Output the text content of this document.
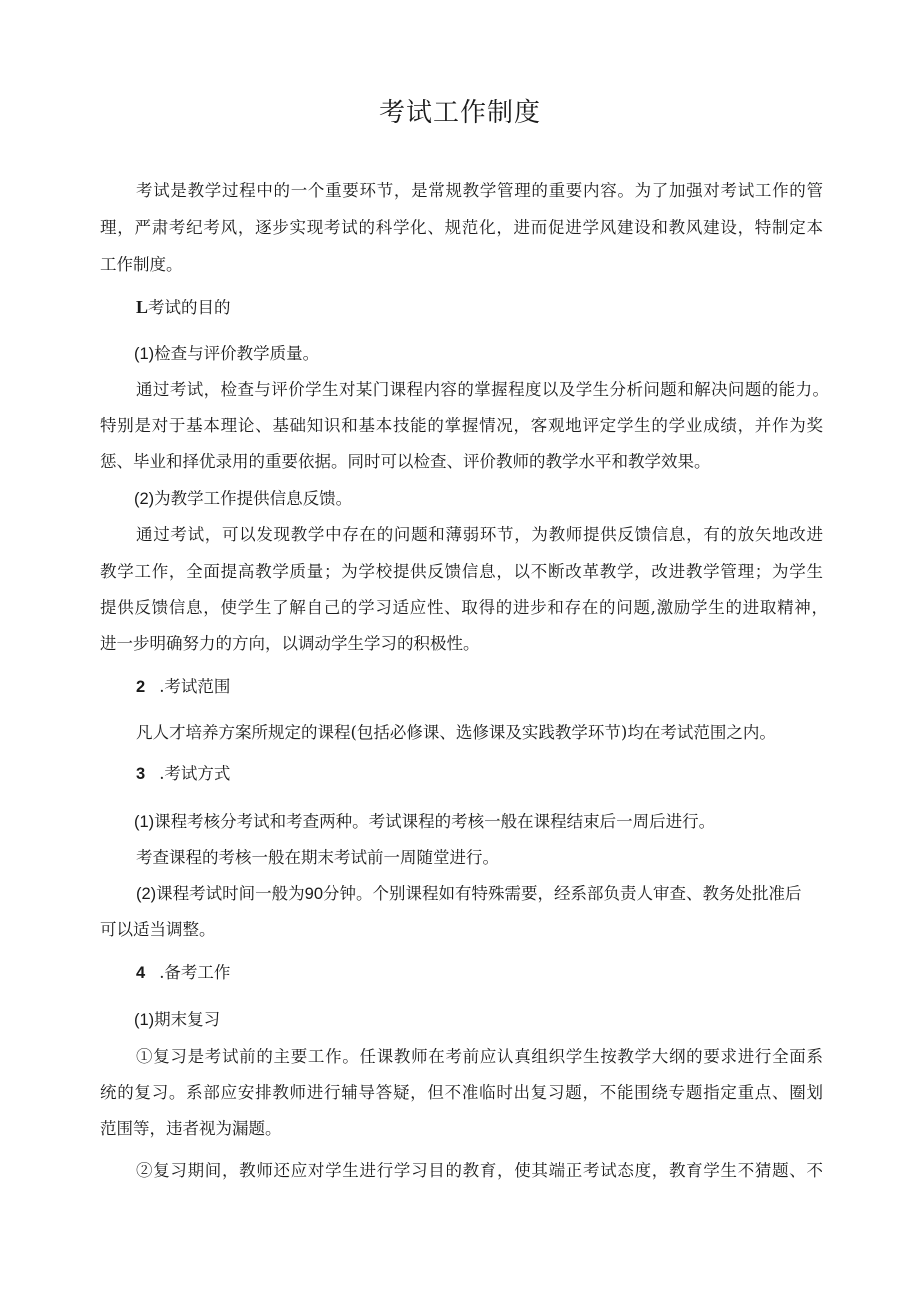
考试工作制度
考试是教学过程中的一个重要环节，是常规教学管理的重要内容。为了加强对考试工作的管
理，严肃考纪考风，逐步实现考试的科学化、规范化，进而促进学风建设和教风建设，特制定本
工作制度。
L考试的目的
(1)检查与评价教学质量。
通过考试，检查与评价学生对某门课程内容的掌握程度以及学生分析问题和解决问题的能力。
特别是对于基本理论、基础知识和基本技能的掌握情况，客观地评定学生的学业成绩，并作为奖
惩、毕业和择优录用的重要依据。同时可以检查、评价教师的教学水平和教学效果。
(2)为教学工作提供信息反馈。
通过考试，可以发现教学中存在的问题和薄弱环节，为教师提供反馈信息，有的放矢地改进
教学工作，全面提高教学质量；为学校提供反馈信息，以不断改革教学，改进教学管理；为学生
提供反馈信息，使学生了解自己的学习适应性、取得的进步和存在的问题,激励学生的进取精神，
进一步明确努力的方向，以调动学生学习的积极性。
2 .考试范围
凡人才培养方案所规定的课程(包括必修课、选修课及实践教学环节)均在考试范围之内。
3 .考试方式
(1)课程考核分考试和考查两种。考试课程的考核一般在课程结束后一周后进行。
考查课程的考核一般在期末考试前一周随堂进行。
(2)课程考试时间一般为90分钟。个别课程如有特殊需要，经系部负责人审查、教务处批准后
可以适当调整。
4 .备考工作
(1)期末复习
①复习是考试前的主要工作。任课教师在考前应认真组织学生按教学大纲的要求进行全面系
统的复习。系部应安排教师进行辅导答疑，但不准临时出复习题，不能围绕专题指定重点、圈划
范围等，违者视为漏题。
②复习期间，教师还应对学生进行学习目的教育，使其端正考试态度，教育学生不猜题、不
